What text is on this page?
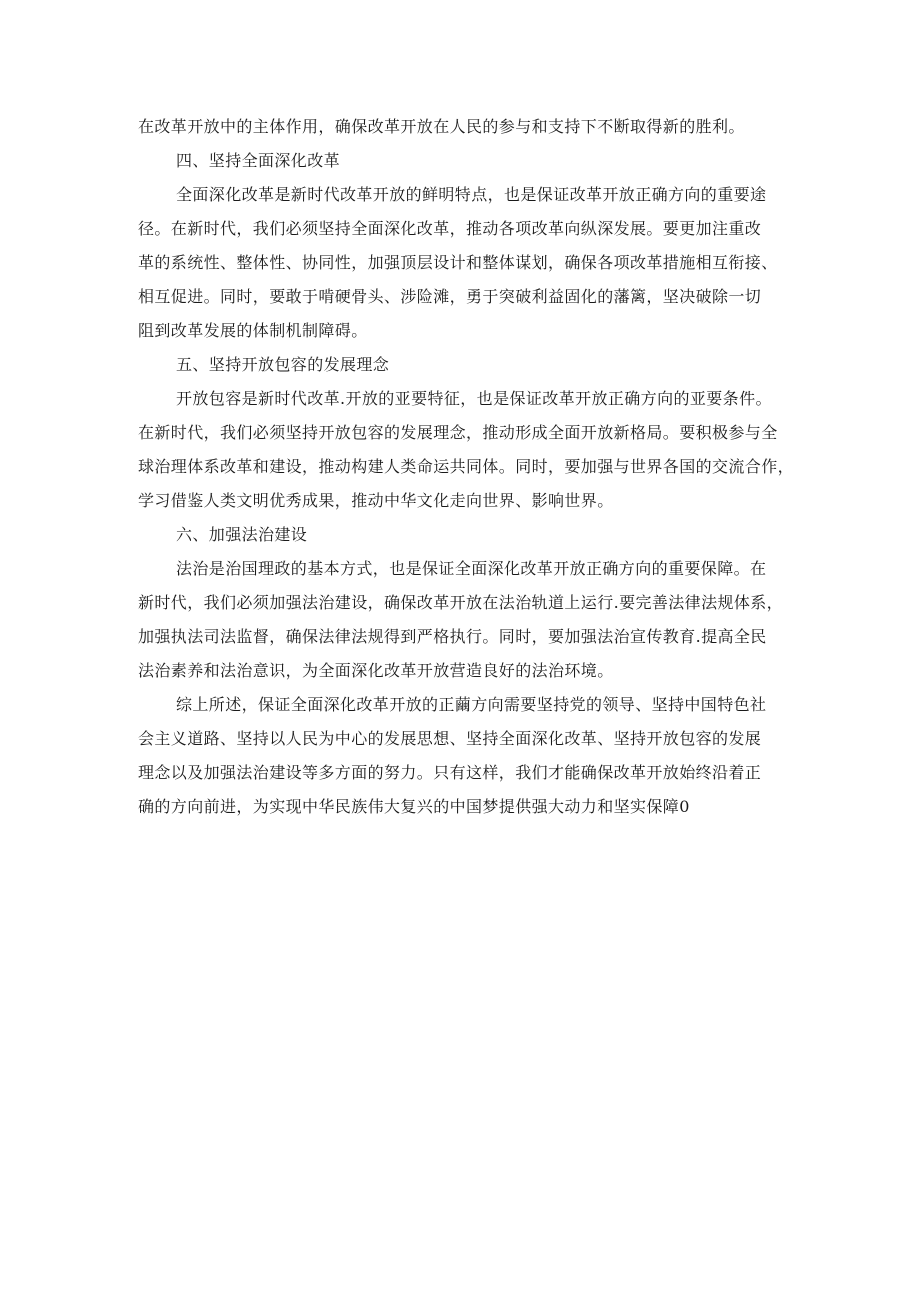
在改革开放中的主体作用，确保改革开放在人民的参与和支持下不断取得新的胜利。
四、坚持全面深化改革
全面深化改革是新时代改革开放的鲜明特点，也是保证改革开放正确方向的重要途
径。在新时代，我们必须坚持全面深化改革，推动各项改革向纵深发展。要更加注重改
革的系统性、整体性、协同性，加强顶层设计和整体谋划，确保各项改革措施相互衔接、
相互促进。同时，要敢于啃硬骨头、涉险滩，勇于突破利益固化的藩篱，坚决破除一切
阻到改革发展的体制机制障碍。
五、坚持开放包容的发展理念
开放包容是新时代改革.开放的亚要特征，也是保证改革开放正确方向的亚要条件。
在新时代，我们必须坚持开放包容的发展理念，推动形成全面开放新格局。要积极参与全
球治理体系改革和建设，推动构建人类命运共同体。同时，要加强与世界各国的交流合作，
学习借鉴人类文明优秀成果，推动中华文化走向世界、影响世界。
六、加强法治建设
法治是治国理政的基本方式，也是保证全面深化改革开放正确方向的重要保障。在
新时代，我们必须加强法治建设，确保改革开放在法治轨道上运行.要完善法律法规体系，
加强执法司法监督，确保法律法规得到严格执行。同时，要加强法治宣传教育.提高全民
法治素养和法治意识，为全面深化改革开放营造良好的法治环境。
综上所述，保证全面深化改革开放的正繭方向需要坚持党的领导、坚持中国特色社
会主义道路、坚持以人民为中心的发展思想、坚持全面深化改革、坚持开放包容的发展
理念以及加强法治建设等多方面的努力。只有这样，我们才能确保改革开放始终沿着正
确的方向前进，为实现中华民族伟大复兴的中国梦提供强大动力和坚实保障0
